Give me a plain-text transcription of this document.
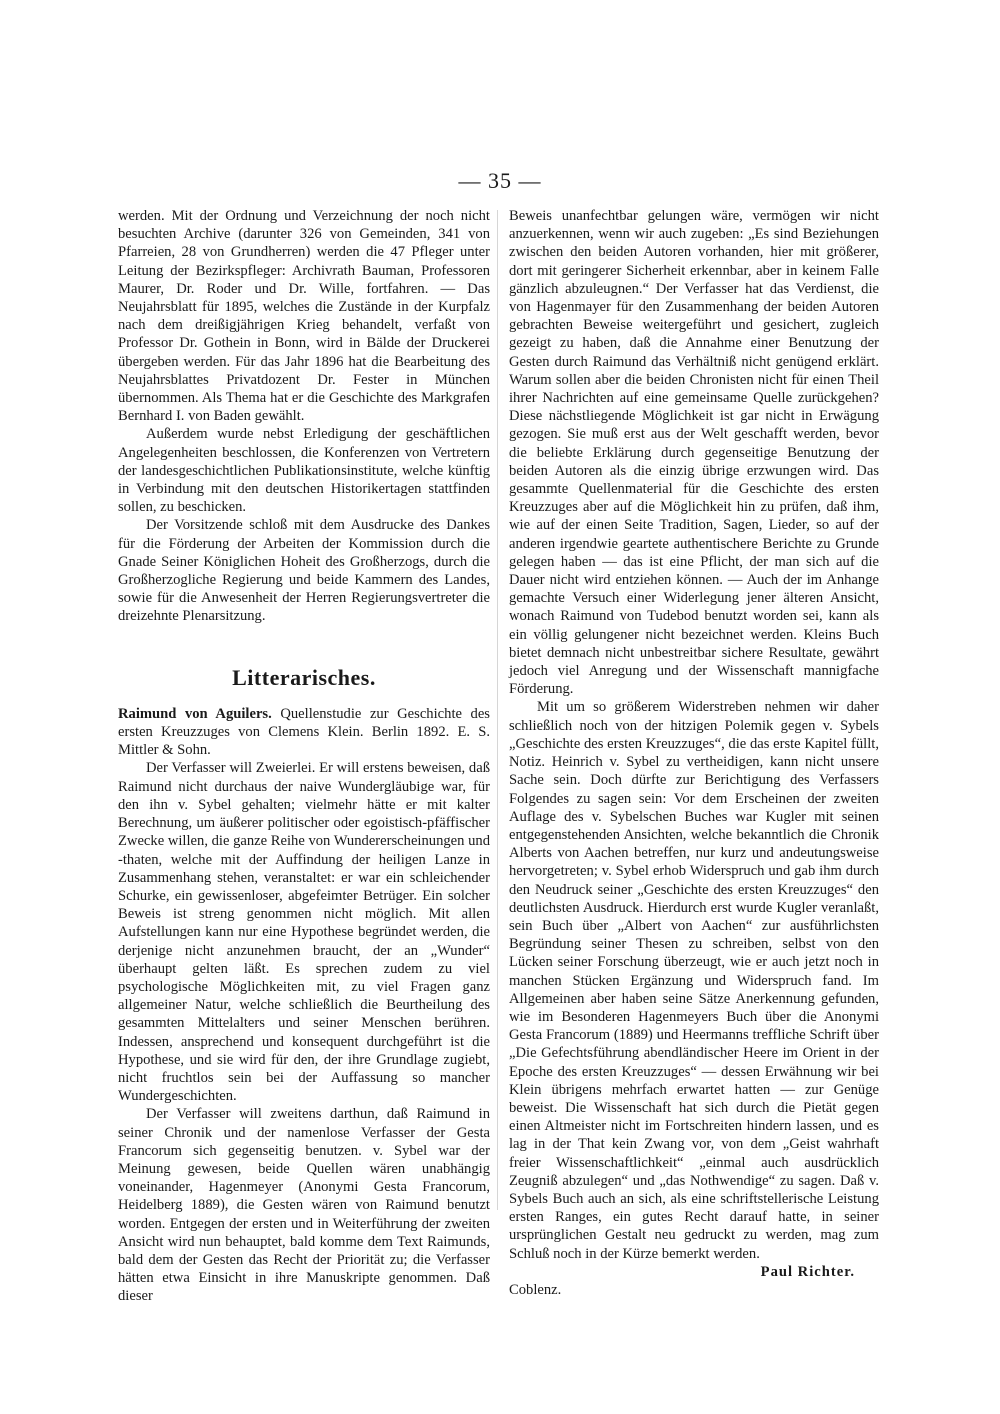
— 35 —

werden. Mit der Ordnung und Verzeichnung der noch nicht besuchten Archive (darunter 326 von Gemeinden, 341 von Pfarreien, 28 von Grundherren) werden die 47 Pfleger unter Leitung der Bezirkspfleger: Archivrath Bauman, Professoren Maurer, Dr. Roder und Dr. Wille, fortfahren. — Das Neujahrsblatt für 1895, welches die Zustände in der Kurpfalz nach dem dreißigjährigen Krieg behandelt, verfaßt von Professor Dr. Gothein in Bonn, wird in Bälde der Druckerei übergeben werden. Für das Jahr 1896 hat die Bearbeitung des Neujahrsblattes Privatdozent Dr. Fester in München übernommen. Als Thema hat er die Geschichte des Markgrafen Bernhard I. von Baden gewählt.

Außerdem wurde nebst Erledigung der geschäftlichen Angelegenheiten beschlossen, die Konferenzen von Vertretern der landesgeschichtlichen Publikationsinstitute, welche künftig in Verbindung mit den deutschen Historikertagen stattfinden sollen, zu beschicken.

Der Vorsitzende schloß mit dem Ausdrucke des Dankes für die Förderung der Arbeiten der Kommission durch die Gnade Seiner Königlichen Hoheit des Großherzogs, durch die Großherzogliche Regierung und beide Kammern des Landes, sowie für die Anwesenheit der Herren Regierungsvertreter die dreizehnte Plenarsitzung.

Litterarisches.

Raimund von Aguilers. Quellenstudie zur Geschichte des ersten Kreuzzuges von Clemens Klein. Berlin 1892. E. S. Mittler & Sohn.

Der Verfasser will Zweierlei. Er will erstens beweisen, daß Raimund nicht durchaus der naive Wundergläubige war, für den ihn v. Sybel gehalten; vielmehr hätte er mit kalter Berechnung, um äußerer politischer oder egoistisch-pfäffischer Zwecke willen, die ganze Reihe von Wundererscheinungen und -thaten, welche mit der Auffindung der heiligen Lanze in Zusammenhang stehen, veranstaltet: er war ein schleichender Schurke, ein gewissenloser, abgefeimter Betrüger. Ein solcher Beweis ist streng genommen nicht möglich. Mit allen Aufstellungen kann nur eine Hypothese begründet werden, die derjenige nicht anzunehmen braucht, der an „Wunder“ überhaupt gelten läßt. Es sprechen zudem zu viel psychologische Möglichkeiten mit, zu viel Fragen ganz allgemeiner Natur, welche schließlich die Beurtheilung des gesammten Mittelalters und seiner Menschen berühren. Indessen, ansprechend und konsequent durchgeführt ist die Hypothese, und sie wird für den, der ihre Grundlage zugiebt, nicht fruchtlos sein bei der Auffassung so mancher Wundergeschichten.

Der Verfasser will zweitens darthun, daß Raimund in seiner Chronik und der namenlose Verfasser der Gesta Francorum sich gegenseitig benutzen. v. Sybel war der Meinung gewesen, beide Quellen wären unabhängig voneinander, Hagenmeyer (Anonymi Gesta Francorum, Heidelberg 1889), die Gesten wären von Raimund benutzt worden. Entgegen der ersten und in Weiterführung der zweiten Ansicht wird nun behauptet, bald komme dem Text Raimunds, bald dem der Gesten das Recht der Priorität zu; die Verfasser hätten etwa Einsicht in ihre Manuskripte genommen. Daß dieser

Beweis unanfechtbar gelungen wäre, vermögen wir nicht anzuerkennen, wenn wir auch zugeben: „Es sind Beziehungen zwischen den beiden Autoren vorhanden, hier mit größerer, dort mit geringerer Sicherheit erkennbar, aber in keinem Falle gänzlich abzuleugnen.“ Der Verfasser hat das Verdienst, die von Hagenmayer für den Zusammenhang der beiden Autoren gebrachten Beweise weitergeführt und gesichert, zugleich gezeigt zu haben, daß die Annahme einer Benutzung der Gesten durch Raimund das Verhältniß nicht genügend erklärt. Warum sollen aber die beiden Chronisten nicht für einen Theil ihrer Nachrichten auf eine gemeinsame Quelle zurückgehen? Diese nächstliegende Möglichkeit ist gar nicht in Erwägung gezogen. Sie muß erst aus der Welt geschafft werden, bevor die beliebte Erklärung durch gegenseitige Benutzung der beiden Autoren als die einzig übrige erzwungen wird. Das gesammte Quellenmaterial für die Geschichte des ersten Kreuzzuges aber auf die Möglichkeit hin zu prüfen, daß ihm, wie auf der einen Seite Tradition, Sagen, Lieder, so auf der anderen irgendwie geartete authentischere Berichte zu Grunde gelegen haben — das ist eine Pflicht, der man sich auf die Dauer nicht wird entziehen können. — Auch der im Anhange gemachte Versuch einer Widerlegung jener älteren Ansicht, wonach Raimund von Tudebod benutzt worden sei, kann als ein völlig gelungener nicht bezeichnet werden. Kleins Buch bietet demnach nicht unbestreitbar sichere Resultate, gewährt jedoch viel Anregung und der Wissenschaft mannigfache Förderung.

Mit um so größerem Widerstreben nehmen wir daher schließlich noch von der hitzigen Polemik gegen v. Sybels „Geschichte des ersten Kreuzzuges“, die das erste Kapitel füllt, Notiz. Heinrich v. Sybel zu vertheidigen, kann nicht unsere Sache sein. Doch dürfte zur Berichtigung des Verfassers Folgendes zu sagen sein: Vor dem Erscheinen der zweiten Auflage des v. Sybelschen Buches war Kugler mit seinen entgegenstehenden Ansichten, welche bekanntlich die Chronik Alberts von Aachen betreffen, nur kurz und andeutungsweise hervorgetreten; v. Sybel erhob Widerspruch und gab ihm durch den Neudruck seiner „Geschichte des ersten Kreuzzuges“ den deutlichsten Ausdruck. Hierdurch erst wurde Kugler veranlaßt, sein Buch über „Albert von Aachen“ zur ausführlichsten Begründung seiner Thesen zu schreiben, selbst von den Lücken seiner Forschung überzeugt, wie er auch jetzt noch in manchen Stücken Ergänzung und Widerspruch fand. Im Allgemeinen aber haben seine Sätze Anerkennung gefunden, wie im Besonderen Hagenmeyers Buch über die Anonymi Gesta Francorum (1889) und Heermanns treffliche Schrift über „Die Gefechtsführung abendländischer Heere im Orient in der Epoche des ersten Kreuzzuges“ — dessen Erwähnung wir bei Klein übrigens mehrfach erwartet hatten — zur Genüge beweist. Die Wissenschaft hat sich durch die Pietät gegen einen Altmeister nicht im Fortschreiten hindern lassen, und es lag in der That kein Zwang vor, von dem „Geist wahrhaft freier Wissenschaftlichkeit“ „einmal auch ausdrücklich Zeugniß abzulegen“ und „das Nothwendige“ zu sagen. Daß v. Sybels Buch auch an sich, als eine schriftstellerische Leistung ersten Ranges, ein gutes Recht darauf hatte, in seiner ursprünglichen Gestalt neu gedruckt zu werden, mag zum Schluß noch in der Kürze bemerkt werden.

Paul Richter.

Coblenz.
